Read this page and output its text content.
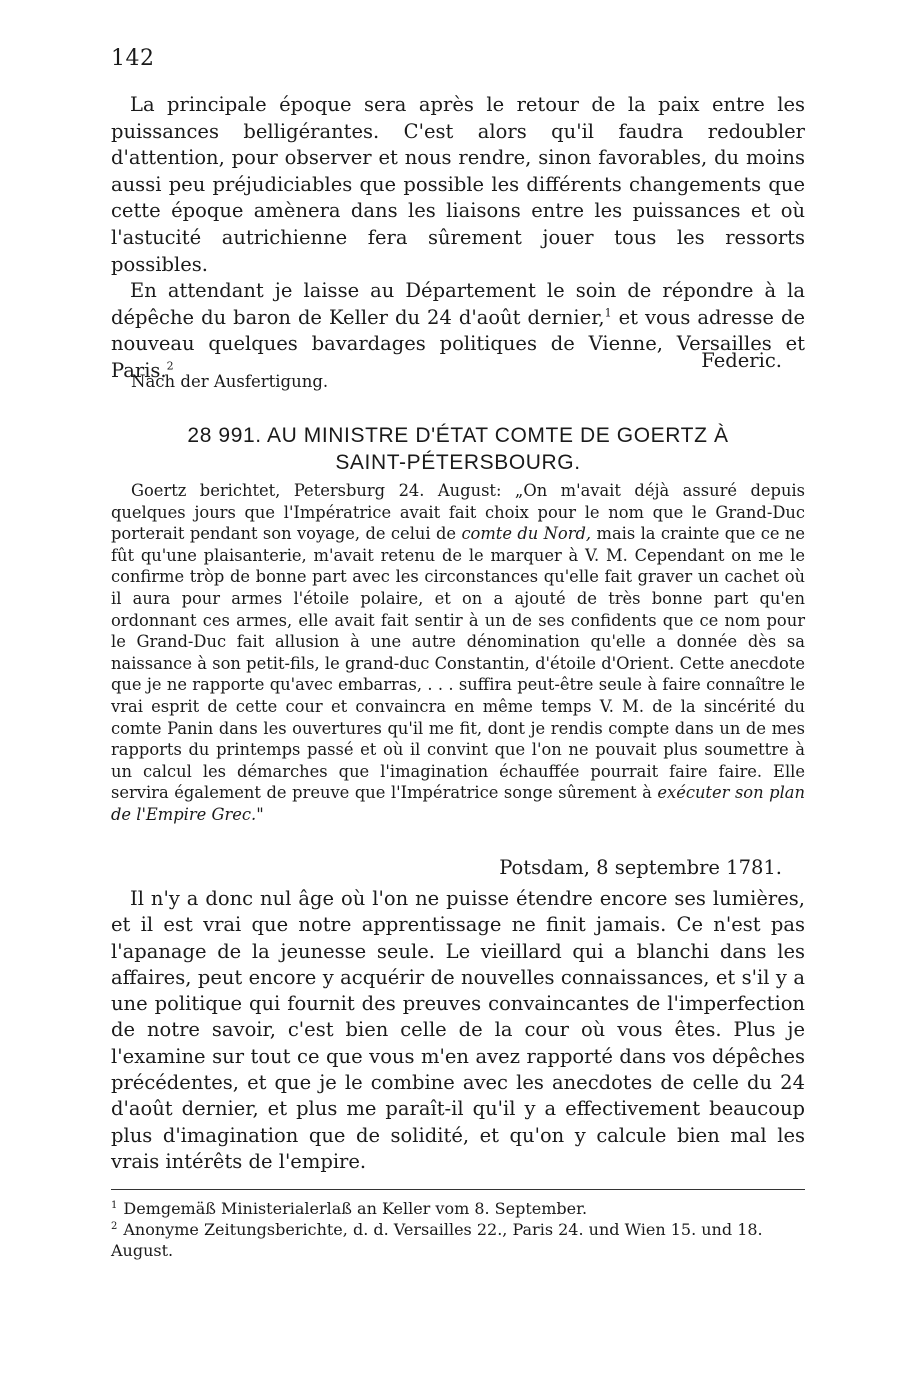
142

La principale époque sera après le retour de la paix entre les puissances belligérantes. C'est alors qu'il faudra redoubler d'attention, pour observer et nous rendre, sinon favorables, du moins aussi peu préjudiciables que possible les différents changements que cette époque amènera dans les liaisons entre les puissances et où l'astucité autrichienne fera sûrement jouer tous les ressorts possibles.

En attendant je laisse au Département le soin de répondre à la dépêche du baron de Keller du 24 d'août dernier,$^1$ et vous adresse de nouveau quelques bavardages politiques de Vienne, Versailles et Paris.$^2$	Federic.
Nach der Ausfertigung.
28 991. AU MINISTRE D'ÉTAT COMTE DE GOERTZ À
SAINT-PÉTERSBOURG.

Goertz berichtet, Petersburg 24. August: „On m'avait déjà assuré depuis quelques jours que l'Impératrice avait fait choix pour le nom que le Grand-Duc porterait pendant son voyage, de celui de comte du Nord, mais la crainte que ce ne fût qu'une plaisanterie, m'avait retenu de le marquer à V. M. Cependant on me le confirme tròp de bonne part avec les circonstances qu'elle fait graver un cachet où il aura pour armes l'étoile polaire, et on a ajouté de très bonne part qu'en ordonnant ces armes, elle avait fait sentir à un de ses confidents que ce nom pour le Grand-Duc fait allusion à une autre dénomination qu'elle a donnée dès sa naissance à son petit-fils, le grand-duc Constantin, d'étoile d'Orient. Cette anecdote que je ne rapporte qu'avec embarras, . . . suffira peut-être seule à faire connaître le vrai esprit de cette cour et convaincra en même temps V. M. de la sincérité du comte Panin dans les ouvertures qu'il me fit, dont je rendis compte dans un de mes rapports du printemps passé et où il convint que l'on ne pouvait plus soumettre à un calcul les démarches que l'imagination échauffée pourrait faire faire. Elle servira également de preuve que l'Impératrice songe sûrement à exécuter son plan de l'Empire Grec."

Potsdam, 8 septembre 1781.

Il n'y a donc nul âge où l'on ne puisse étendre encore ses lumières, et il est vrai que notre apprentissage ne finit jamais. Ce n'est pas l'apanage de la jeunesse seule. Le vieillard qui a blanchi dans les affaires, peut encore y acquérir de nouvelles connaissances, et s'il y a une politique qui fournit des preuves convaincantes de l'imperfection de notre savoir, c'est bien celle de la cour où vous êtes. Plus je l'examine sur tout ce que vous m'en avez rapporté dans vos dépêches précédentes, et que je le combine avec les anecdotes de celle du 24 d'août dernier, et plus me paraît-il qu'il y a effectivement beaucoup plus d'imagination que de solidité, et qu'on y calcule bien mal les vrais intérêts de l'empire.

$^1$ Demgemäß Ministerialerlaß an Keller vom 8. September.

$^2$ Anonyme Zeitungsberichte, d. d. Versailles 22., Paris 24. und Wien 15. und 18. August.
